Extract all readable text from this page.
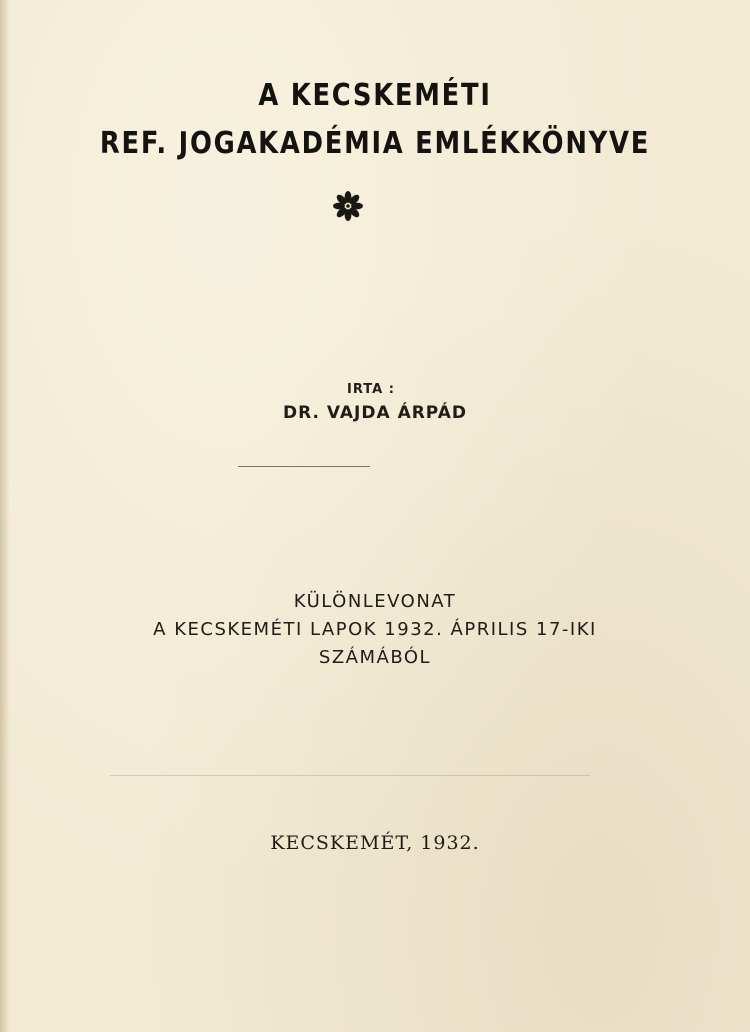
A KECSKEMÉTI
REF. JOGAKADÉMIA EMLÉKKÖNYVE
IRTA :
DR. VAJDA ÁRPÁD
KÜLÖNLEVONAT
A KECSKEMÉTI LAPOK 1932. ÁPRILIS 17-IKI
SZÁMÁBÓL
KECSKEMÉT, 1932.
